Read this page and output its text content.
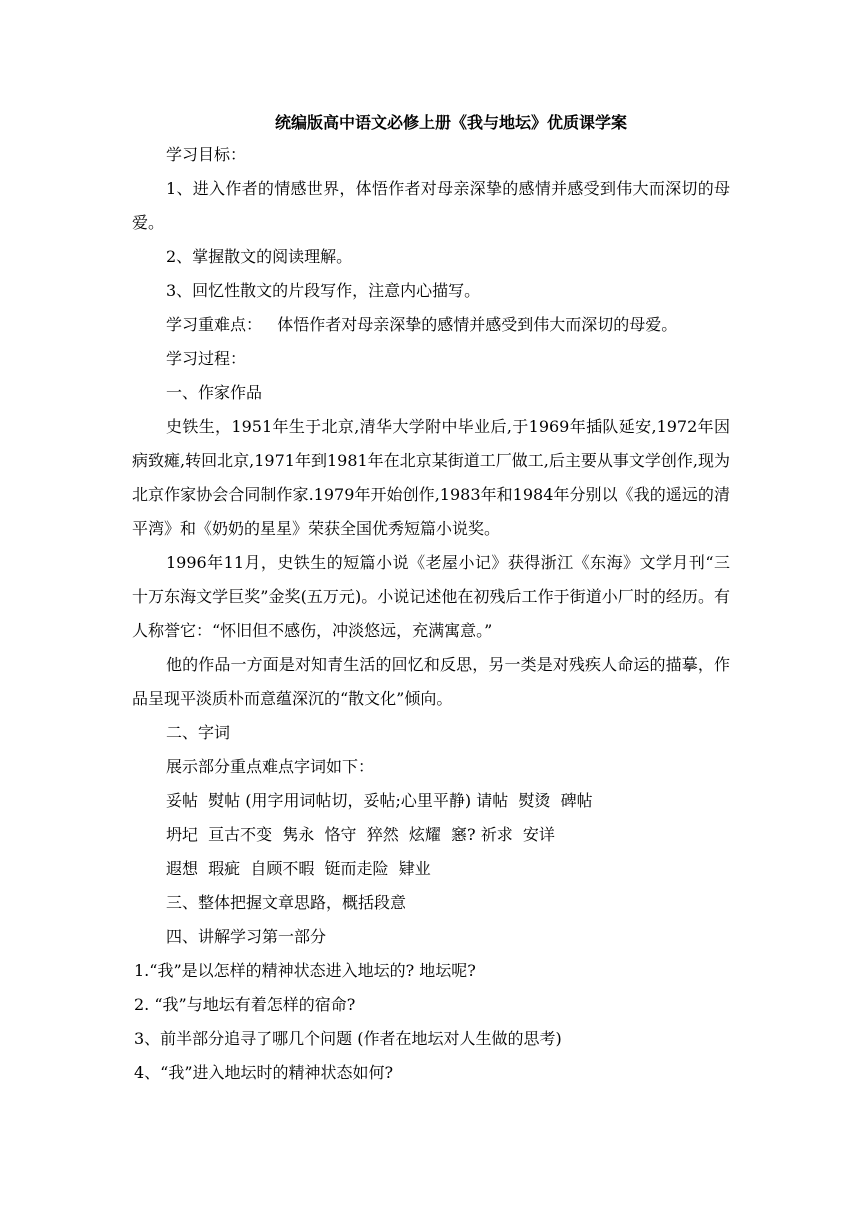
统编版高中语文必修上册《我与地坛》优质课学案

学习目标：

1、进入作者的情感世界，体悟作者对母亲深挚的感情并感受到伟大而深切的母爱。

2、掌握散文的阅读理解。

3、回忆性散文的片段写作，注意内心描写。

学习重难点：   体悟作者对母亲深挚的感情并感受到伟大而深切的母爱。

学习过程：

一、作家作品

史铁生，1951年生于北京,清华大学附中毕业后,于1969年插队延安,1972年因病致瘫,转回北京,1971年到1981年在北京某街道工厂做工,后主要从事文学创作,现为北京作家协会合同制作家.1979年开始创作,1983年和1984年分别以《我的遥远的清平湾》和《奶奶的星星》荣获全国优秀短篇小说奖。

1996年11月，史铁生的短篇小说《老屋小记》获得浙江《东海》文学月刊“三十万东海文学巨奖”金奖(五万元)。小说记述他在初残后工作于街道小厂时的经历。有人称誉它：“怀旧但不感伤，冲淡悠远，充满寓意。”

他的作品一方面是对知青生活的回忆和反思，另一类是对残疾人命运的描摹，作品呈现平淡质朴而意蕴深沉的“散文化”倾向。

二、字词

展示部分重点难点字词如下：

妥帖  熨帖 (用字用词帖切，妥帖;心里平静) 请帖  熨烫  碑帖

坍圮  亘古不变  隽永  恪守  猝然  炫耀  窸? 祈求  安详

遐想  瑕疵  自顾不暇  铤而走险  肄业

三、整体把握文章思路，概括段意

四、讲解学习第一部分

1.“我”是以怎样的精神状态进入地坛的? 地坛呢?

2. “我”与地坛有着怎样的宿命?

3、前半部分追寻了哪几个问题 (作者在地坛对人生做的思考)

4、“我”进入地坛时的精神状态如何?
